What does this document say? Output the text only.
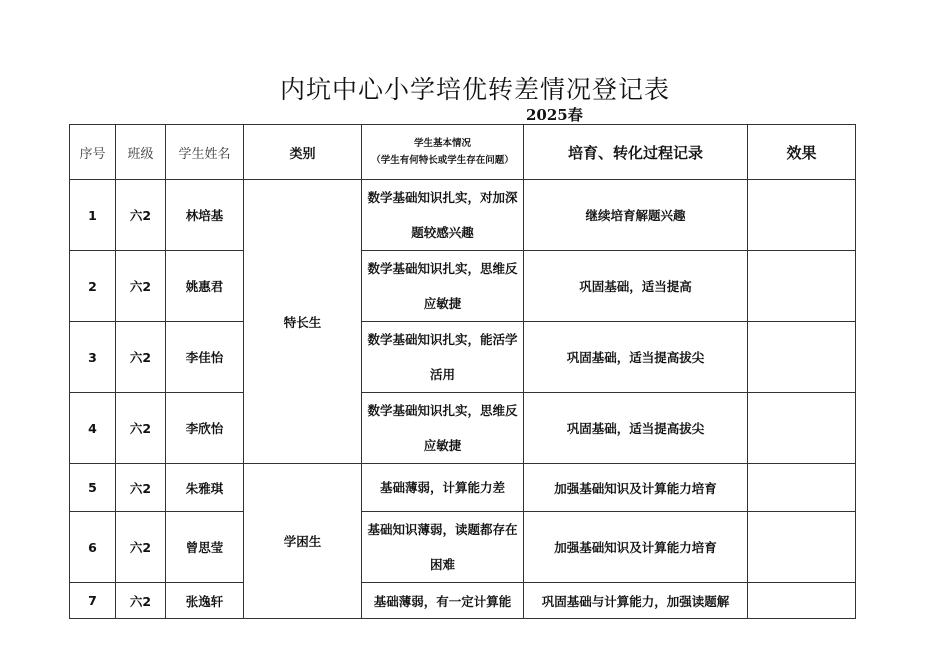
内坑中心小学培优转差情况登记表
2025春
序号	班级	学生姓名	类别	学生基本情况
（学生有何特长或学生存在问题）	培育、转化过程记录	效果
1	六2	林培基	特长生	数学基础知识扎实，对加深题较感兴趣	继续培育解题兴趣	
2	六2	姚惠君		数学基础知识扎实，思维反应敏捷	巩固基础，适当提高	
3	六2	李佳怡		数学基础知识扎实，能活学活用	巩固基础，适当提高拔尖	
4	六2	李欣怡		数学基础知识扎实，思维反应敏捷	巩固基础，适当提高拔尖	
5	六2	朱雅琪	学困生	基础薄弱，计算能力差	加强基础知识及计算能力培育	
6	六2	曾思莹		基础知识薄弱，读题都存在困难	加强基础知识及计算能力培育	
7	六2	张逸轩		基础薄弱，有一定计算能	巩固基础与计算能力，加强读题解	
